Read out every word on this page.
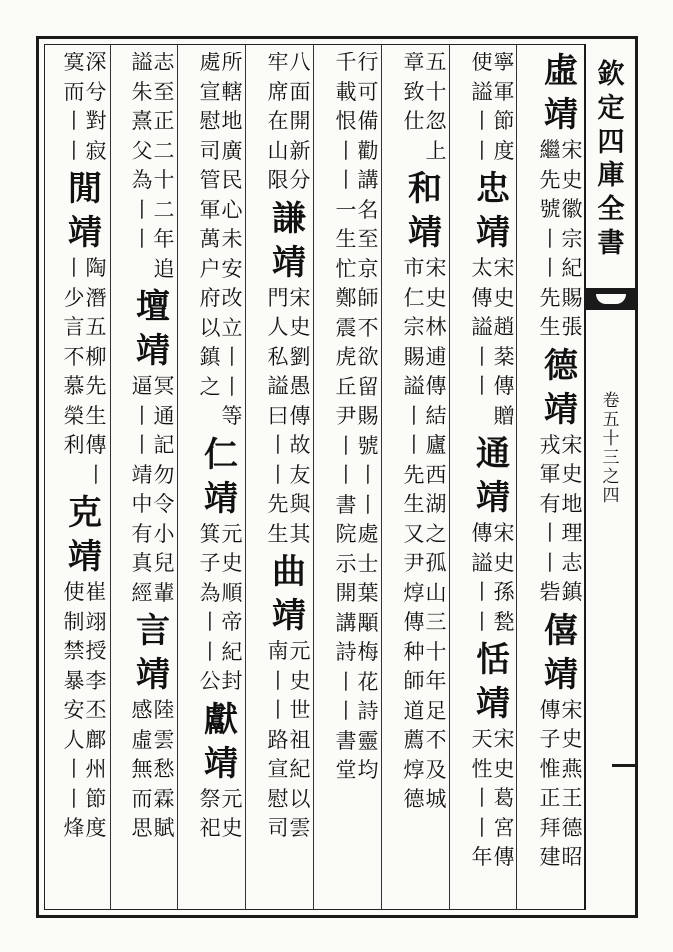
虛
靖
宋
史
徽
宗
紀
賜
張
繼
先
號
丨
丨
先
生
德
靖
宋
史
地
理
志
鎮
戎
軍
有
丨
丨
砦
僖
靖
宋
史
燕
王
德
昭
傳
子
惟
正
拜
建
寧
軍
節
度
使
謚
丨
丨
忠
靖
宋
史
趙
棻
傳
贈
太
傳
謚
丨
丨
通
靖
宋
史
孫
甃
傳
謚
丨
丨
恬
靖
宋
史
葛
宮
傳
天
性
丨
丨
年
五
十
忽
上
章
致
仕
和
靖
宋
史
林
逋
傳
結
廬
西
湖
之
孤
山
三
十
年
足
不
及
城
市
仁
宗
賜
謚
丨
丨
先
生
又
尹
焞
傳
种
師
道
薦
焞
德
行
可
備
勸
講
名
至
京
師
不
欲
留
賜
號
丨
丨
處
士
葉
顒
梅
花
詩
靈
均
千
載
恨
丨
丨
一
生
忙
鄭
震
虎
丘
尹
丨
丨
書
院
示
開
講
詩
丨
丨
書
堂
八
面
開
新
分
牢
席
在
山
限
謙
靖
宋
史
劉
愚
傳
故
友
與
其
門
人
私
謚
曰
丨
丨
先
生
曲
靖
元
史
世
祖
紀
以
雲
南
丨
丨
路
宣
慰
司
所
轄
地
廣
民
心
未
安
改
立
丨
丨
等
處
宣
慰
司
管
軍
萬
户
府
以
鎮
之
仁
靖
元
史
順
帝
紀
封
箕
子
為
丨
丨
公
獻
靖
元
史
祭
祀
志
至
正
二
十
二
年
追
謚
朱
熹
父
為
丨
丨
壇
靖
冥
通
記
勿
令
小
兒
輩
逼
丨
丨
靖
中
有
真
經
言
靖
陸
雲
愁
霖
賦
感
虛
無
而
思
深
兮
對
寂
寞
而
丨
丨
閒
靖
陶
潛
五
柳
先
生
傳
丨
丨
少
言
不
慕
榮
利
克
靖
崔
翊
授
李
丕
鄜
州
節
度
使
制
禁
暴
安
人
丨
丨
烽
欽
定
四
庫
全
書
卷
五
十
三
之
四
